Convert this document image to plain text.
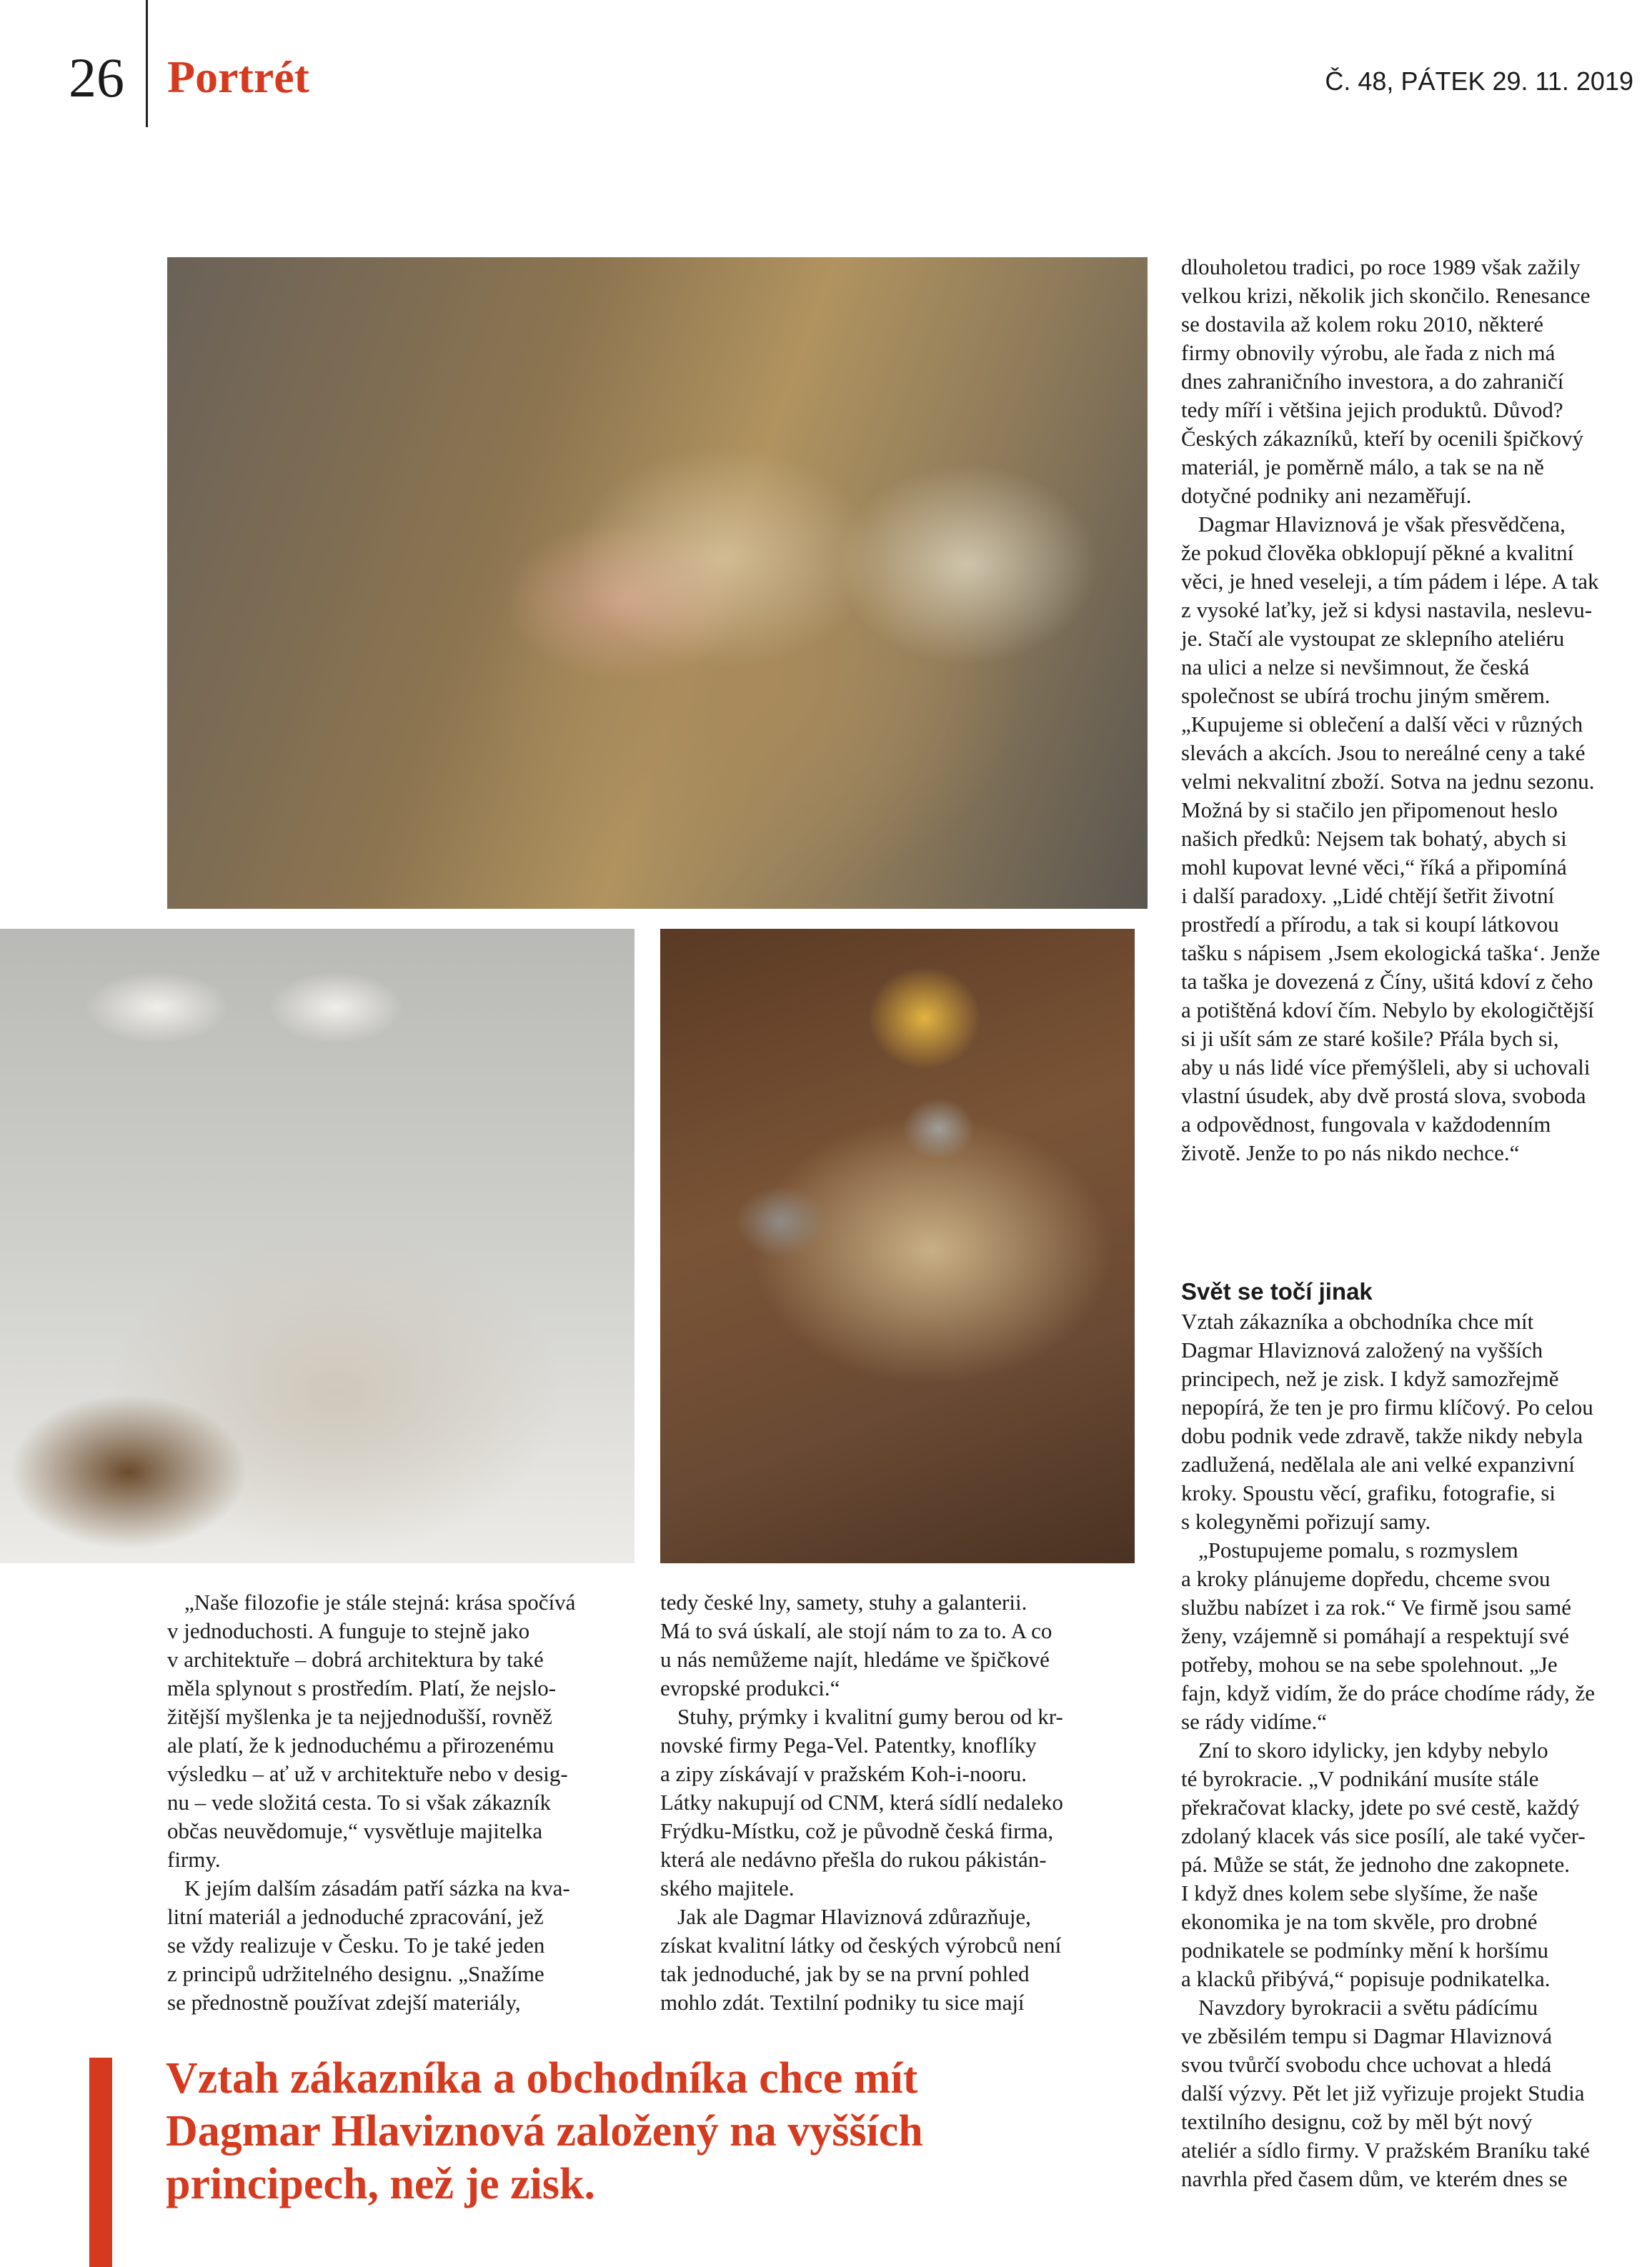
26 Portrét	Č. 48, PÁTEK 29. 11. 2019

„Naše filozofie je stále stejná: krása spočívá

v jednoduchosti. A funguje to stejně jako

v architektuře – dobrá architektura by také

měla splynout s prostředím. Platí, že nejslo-

žitější myšlenka je ta nejjednodušší, rovněž

ale platí, že k jednoduchému a přirozenému

výsledku – ať už v architektuře nebo v desig-

nu – vede složitá cesta. To si však zákazník

občas neuvědomuje,“ vysvětluje majitelka

firmy.

K jejím dalším zásadám patří sázka na kva-

litní materiál a jednoduché zpracování, jež

se vždy realizuje v Česku. To je také jeden

z principů udržitelného designu. „Snažíme

se přednostně používat zdejší materiály,

tedy české lny, samety, stuhy a galanterii.

Má to svá úskalí, ale stojí nám to za to. A co

u nás nemůžeme najít, hledáme ve špičkové

evropské produkci.“

Stuhy, prýmky i kvalitní gumy berou od kr-

novské firmy Pega-Vel. Patentky, knoflíky

a zipy získávají v pražském Koh-i-nooru.

Látky nakupují od CNM, která sídlí nedaleko

Frýdku-Místku, což je původně česká firma,

která ale nedávno přešla do rukou pákistán-

ského majitele.

Jak ale Dagmar Hlaviznová zdůrazňuje,

získat kvalitní látky od českých výrobců není

tak jednoduché, jak by se na první pohled

mohlo zdát. Textilní podniky tu sice mají

dlouholetou tradici, po roce 1989 však zažily

velkou krizi, několik jich skončilo. Renesance

se dostavila až kolem roku 2010, některé

firmy obnovily výrobu, ale řada z nich má

dnes zahraničního investora, a do zahraničí

tedy míří i většina jejich produktů. Důvod?

Českých zákazníků, kteří by ocenili špičkový

materiál, je poměrně málo, a tak se na ně

dotyčné podniky ani nezaměřují.

Dagmar Hlaviznová je však přesvědčena,

že pokud člověka obklopují pěkné a kvalitní

věci, je hned veseleji, a tím pádem i lépe. A tak

z vysoké laťky, jež si kdysi nastavila, neslevu-

je. Stačí ale vystoupat ze sklepního ateliéru

na ulici a nelze si nevšimnout, že česká

společnost se ubírá trochu jiným směrem.

„Kupujeme si oblečení a další věci v různých

slevách a akcích. Jsou to nereálné ceny a také

velmi nekvalitní zboží. Sotva na jednu sezonu.

Možná by si stačilo jen připomenout heslo

našich předků: Nejsem tak bohatý, abych si

mohl kupovat levné věci,“ říká a připomíná

i další paradoxy. „Lidé chtějí šetřit životní

prostředí a přírodu, a tak si koupí látkovou

tašku s nápisem ‚Jsem ekologická taška‘. Jenže

ta taška je dovezená z Číny, ušitá kdoví z čeho

a potištěná kdoví čím. Nebylo by ekologičtější

si ji ušít sám ze staré košile? Přála bych si,

aby u nás lidé více přemýšleli, aby si uchovali

vlastní úsudek, aby dvě prostá slova, svoboda

a odpovědnost, fungovala v každodenním

životě. Jenže to po nás nikdo nechce.“

Svět se točí jinak

Vztah zákazníka a obchodníka chce mít

Dagmar Hlaviznová založený na vyšších

principech, než je zisk. I když samozřejmě

nepopírá, že ten je pro firmu klíčový. Po celou

dobu podnik vede zdravě, takže nikdy nebyla

zadlužená, nedělala ale ani velké expanzivní

kroky. Spoustu věcí, grafiku, fotografie, si

s kolegyněmi pořizují samy.

„Postupujeme pomalu, s rozmyslem

a kroky plánujeme dopředu, chceme svou

službu nabízet i za rok.“ Ve firmě jsou samé

ženy, vzájemně si pomáhají a respektují své

potřeby, mohou se na sebe spolehnout. „Je

fajn, když vidím, že do práce chodíme rády, že

se rády vidíme.“

Zní to skoro idylicky, jen kdyby nebylo

té byrokracie. „V podnikání musíte stále

překračovat klacky, jdete po své cestě, každý

zdolaný klacek vás sice posílí, ale také vyčer-

pá. Může se stát, že jednoho dne zakopnete.

I když dnes kolem sebe slyšíme, že naše

ekonomika je na tom skvěle, pro drobné

podnikatele se podmínky mění k horšímu

a klacků přibývá,“ popisuje podnikatelka.

Navzdory byrokracii a světu pádícímu

ve zběsilém tempu si Dagmar Hlaviznová

svou tvůrčí svobodu chce uchovat a hledá

další výzvy. Pět let již vyřizuje projekt Studia

textilního designu, což by měl být nový

ateliér a sídlo firmy. V pražském Braníku také

navrhla před časem dům, ve kterém dnes se

Vztah zákazníka a obchodníka chce mít

Dagmar Hlaviznová založený na vyšších

principech, než je zisk.
